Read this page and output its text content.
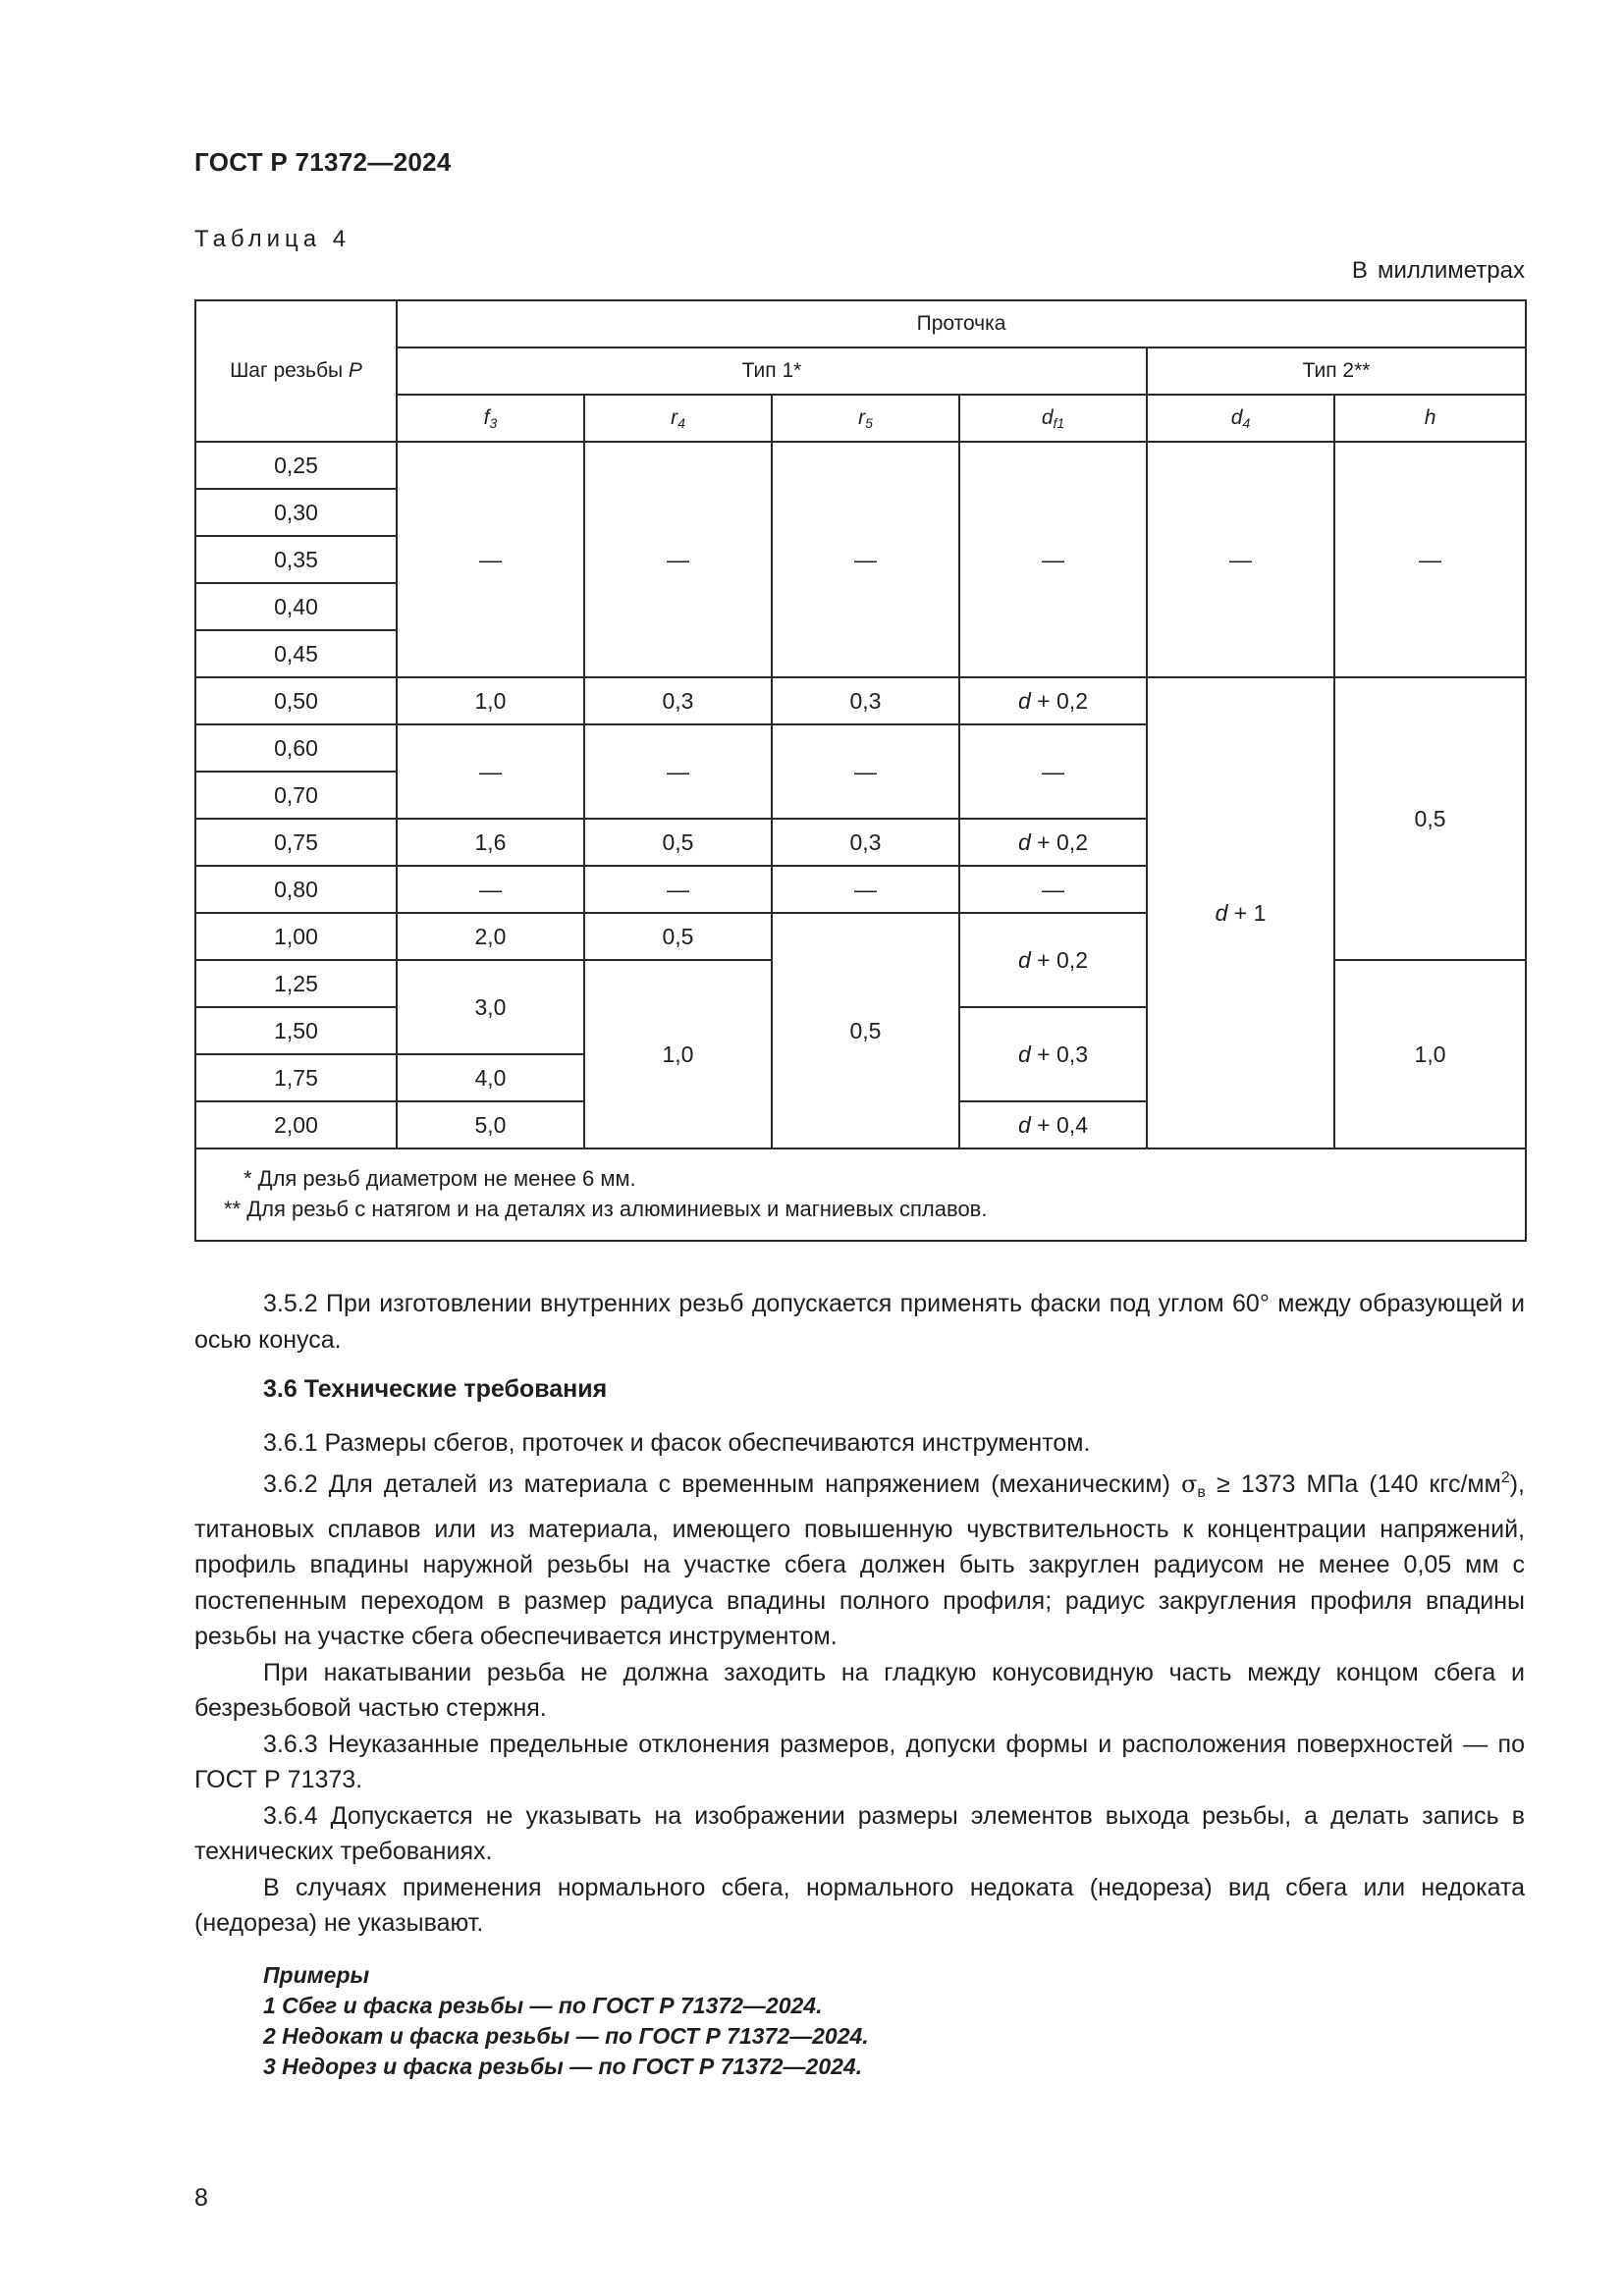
ГОСТ Р 71372—2024
Таблица 4
В миллиметрах
Шаг резьбы P	Проточка					
	Тип 1*				Тип 2**	
	$f_3$	$r_4$	$r_5$	$d_{f1}$	$d_4$	h
0,25	—	—	—	—	—	—
0,30						
0,35						
0,40						
0,45						
0,50	1,0	0,3	0,3	d + 0,2	d + 1	0,5
0,60	—	—	—	—		
0,70						
0,75	1,6	0,5	0,3	d + 0,2		
0,80	—	—	—	—		
1,00	2,0	0,5	0,5	d + 0,2		
1,25	3,0	1,0				1,0
1,50				d + 0,3		
1,75	4,0					
2,00	5,0			d + 0,4		

* Для резьб диаметром не менее 6 мм.
** Для резьб с натягом и на деталях из алюминиевых и магниевых сплавов.						

3.5.2 При изготовлении внутренних резьб допускается применять фаски под углом 60° между образующей и осью конуса.

3.6 Технические требования

3.6.1 Размеры сбегов, проточек и фасок обеспечиваются инструментом.

3.6.2 Для деталей из материала с временным напряжением (механическим) $\sigma_в \ge 1373$ МПа (140 кгс/$мм^2$), титановых сплавов или из материала, имеющего повышенную чувствительность к концентрации напряжений, профиль впадины наружной резьбы на участке сбега должен быть закруглен радиусом не менее 0,05 мм с постепенным переходом в размер радиуса впадины полного профиля; радиус закругления профиля впадины резьбы на участке сбега обеспечивается инструментом.

При накатывании резьба не должна заходить на гладкую конусовидную часть между концом сбега и безрезьбовой частью стержня.

3.6.3 Неуказанные предельные отклонения размеров, допуски формы и расположения поверхностей — по ГОСТ Р 71373.

3.6.4 Допускается не указывать на изображении размеры элементов выхода резьбы, а делать запись в технических требованиях.

В случаях применения нормального сбега, нормального недоката (недореза) вид сбега или недоката (недореза) не указывают.

Примеры
1 Сбег и фаска резьбы — по ГОСТ Р 71372—2024.
2 Недокат и фаска резьбы — по ГОСТ Р 71372—2024.
3 Недорез и фаска резьбы — по ГОСТ Р 71372—2024.
8
